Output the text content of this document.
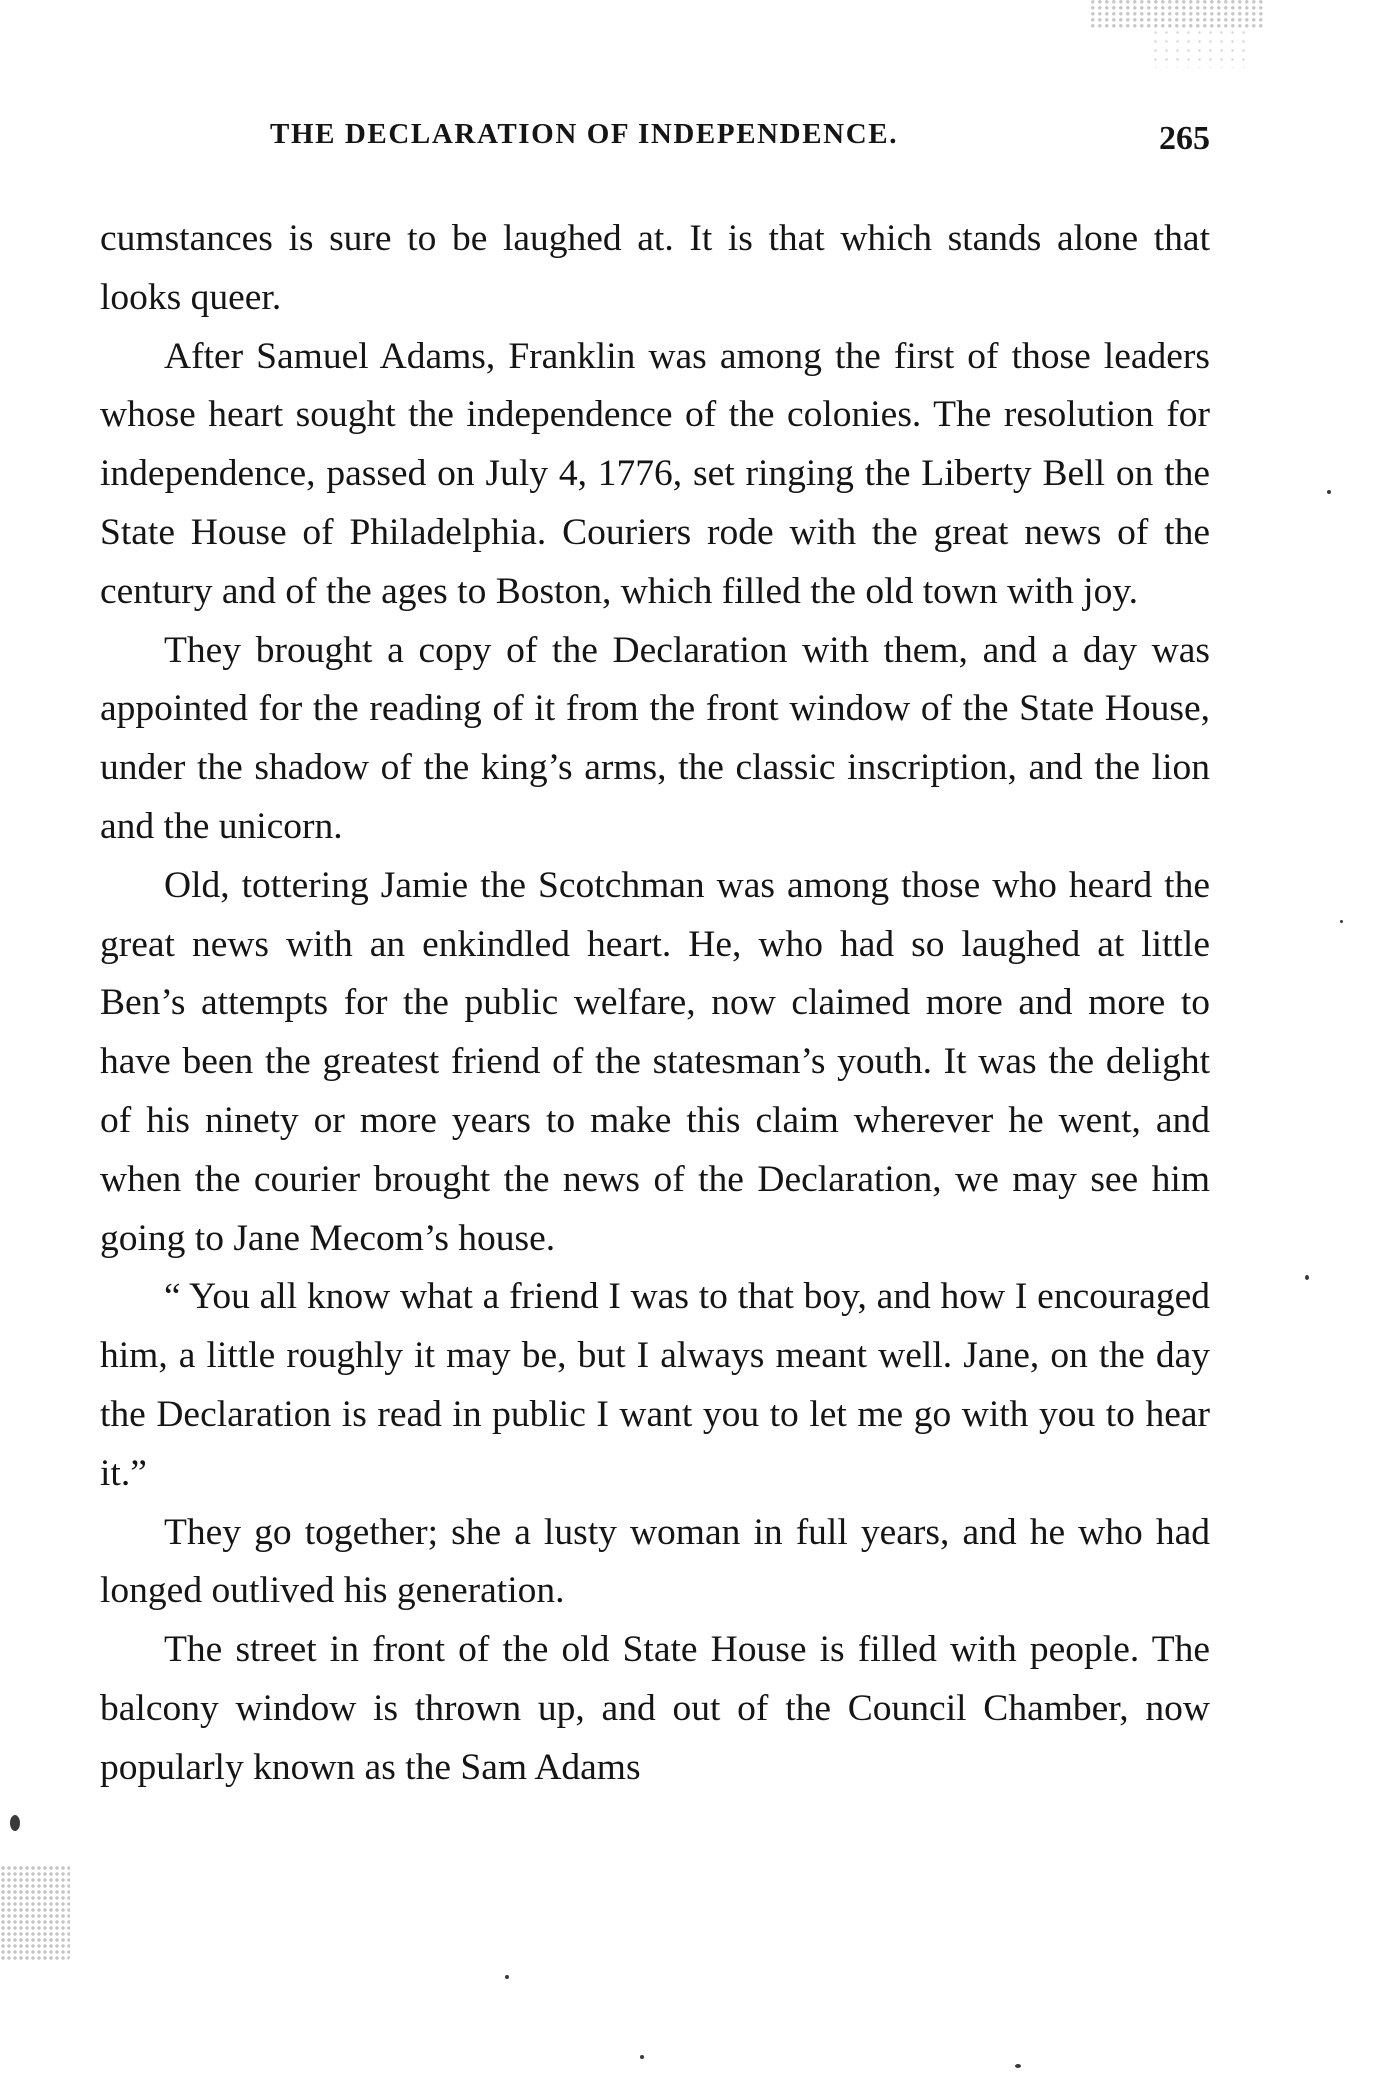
THE DECLARATION OF INDEPENDENCE.	265

cumstances is sure to be laughed at. It is that which stands alone that looks queer.

After Samuel Adams, Franklin was among the first of those leaders whose heart sought the independence of the colonies. The resolution for independence, passed on July 4, 1776, set ringing the Liberty Bell on the State House of Philadelphia. Couriers rode with the great news of the century and of the ages to Boston, which filled the old town with joy.

They brought a copy of the Declaration with them, and a day was appointed for the reading of it from the front window of the State House, under the shadow of the king’s arms, the classic inscription, and the lion and the unicorn.

Old, tottering Jamie the Scotchman was among those who heard the great news with an enkindled heart. He, who had so laughed at little Ben’s attempts for the public welfare, now claimed more and more to have been the greatest friend of the statesman’s youth. It was the delight of his ninety or more years to make this claim wherever he went, and when the courier brought the news of the Declaration, we may see him going to Jane Mecom’s house.

“ You all know what a friend I was to that boy, and how I encouraged him, a little roughly it may be, but I always meant well. Jane, on the day the Declaration is read in public I want you to let me go with you to hear it.”

They go together; she a lusty woman in full years, and he who had longed outlived his generation.

The street in front of the old State House is filled with people. The balcony window is thrown up, and out of the Council Chamber, now popularly known as the Sam Adams
